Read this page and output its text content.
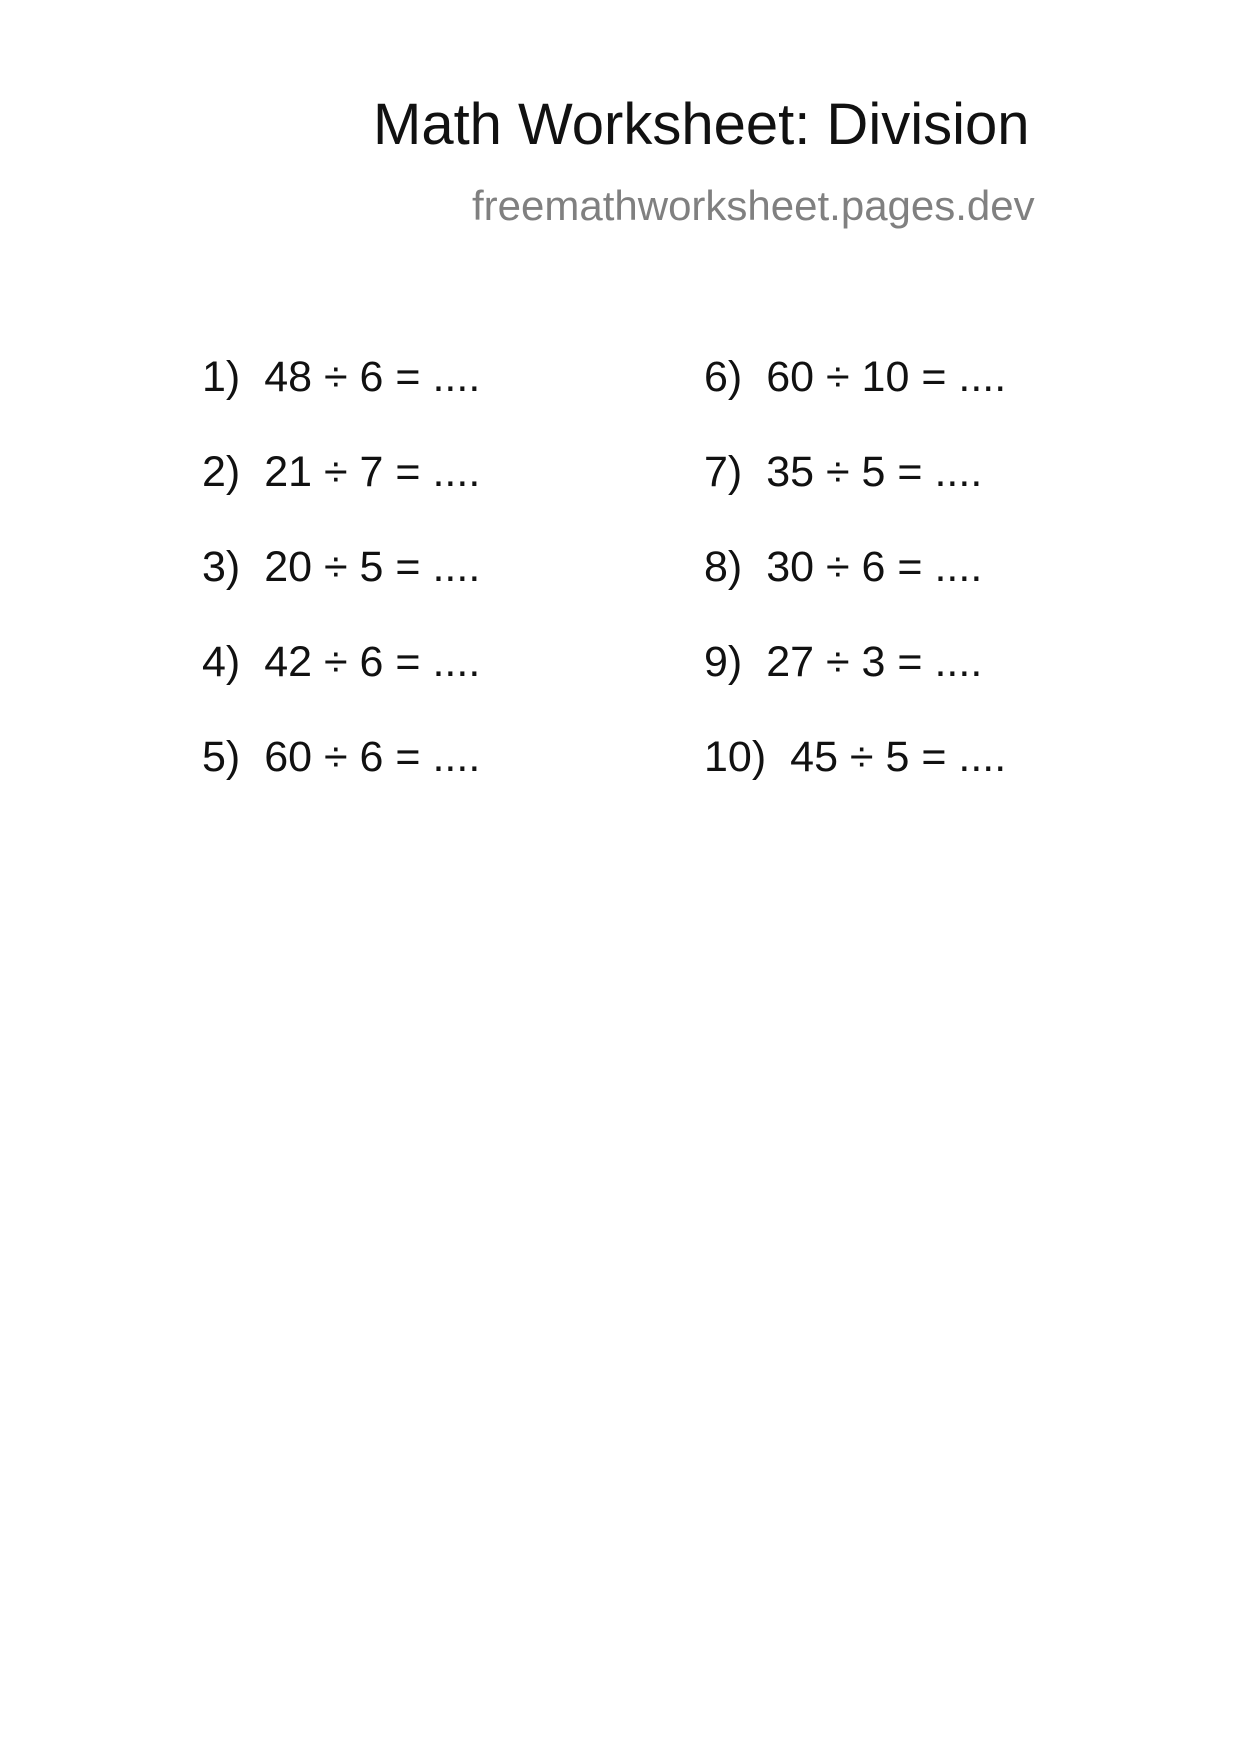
Math Worksheet: Division
freemathworksheet.pages.dev
1) 48 ÷ 6 = ....
2) 21 ÷ 7 = ....
3) 20 ÷ 5 = ....
4) 42 ÷ 6 = ....
5) 60 ÷ 6 = ....
6) 60 ÷ 10 = ....
7) 35 ÷ 5 = ....
8) 30 ÷ 6 = ....
9) 27 ÷ 3 = ....
10) 45 ÷ 5 = ....
